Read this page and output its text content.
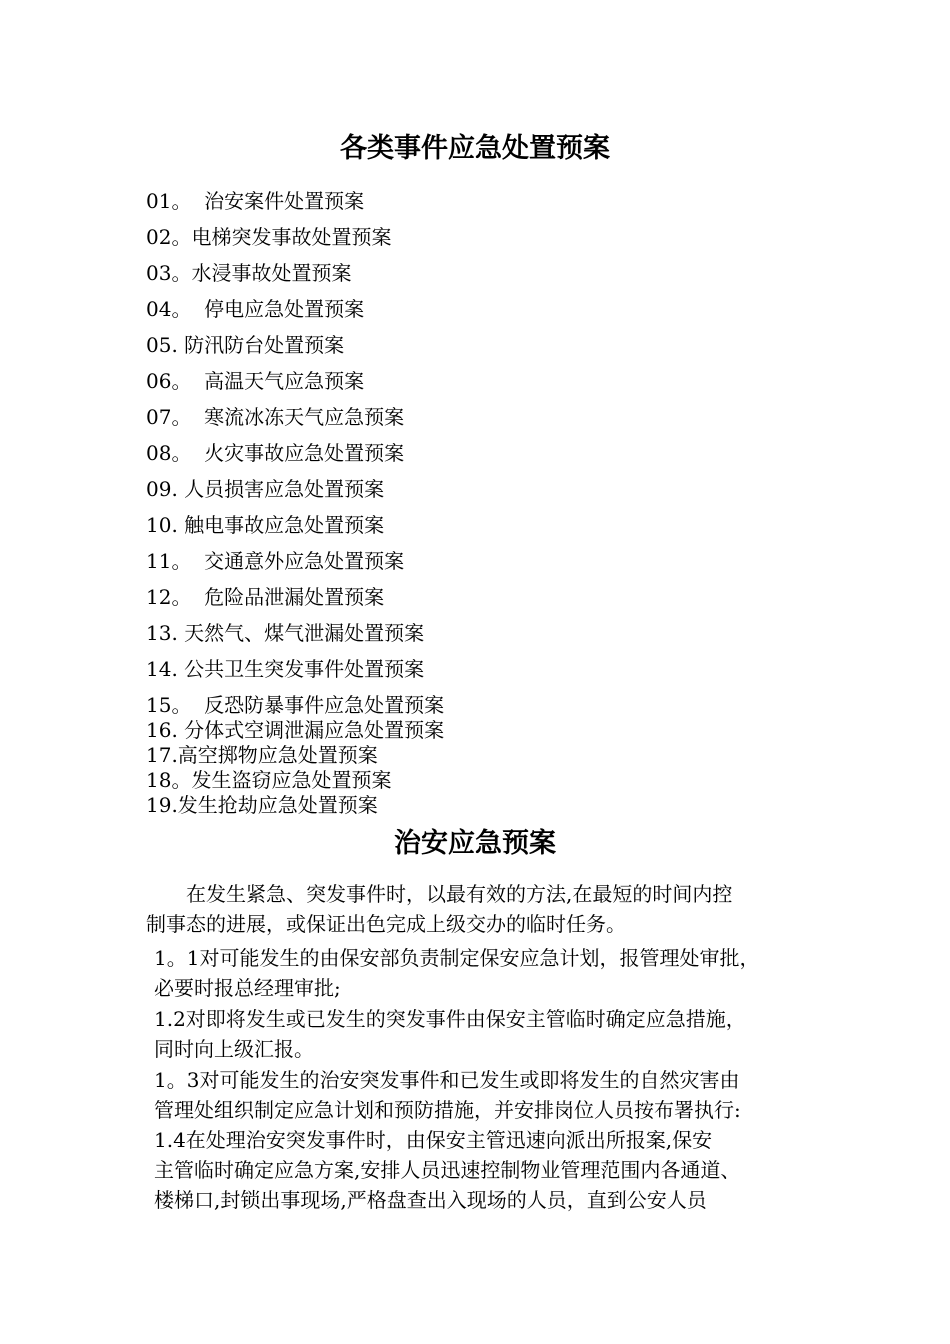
各类事件应急处置预案

01。  治安案件处置预案

02。电梯突发事故处置预案

03。水浸事故处置预案

04。  停电应急处置预案

05. 防汛防台处置预案

06。  高温天气应急预案

07。  寒流冰冻天气应急预案

08。  火灾事故应急处置预案

09. 人员损害应急处置预案

10. 触电事故应急处置预案

11。  交通意外应急处置预案

12。  危险品泄漏处置预案

13. 天然气、煤气泄漏处置预案

14. 公共卫生突发事件处置预案

15。  反恐防暴事件应急处置预案

16. 分体式空调泄漏应急处置预案

17.高空掷物应急处置预案

18。发生盗窃应急处置预案

19.发生抢劫应急处置预案

治安应急预案

在发生紧急、突发事件时，以最有效的方法,在最短的时间内控

制事态的进展，或保证出色完成上级交办的临时任务。

1。1对可能发生的由保安部负责制定保安应急计划，报管理处审批，

必要时报总经理审批;

1.2对即将发生或已发生的突发事件由保安主管临时确定应急措施，

同时向上级汇报。

1。3对可能发生的治安突发事件和已发生或即将发生的自然灾害由

管理处组织制定应急计划和预防措施，并安排岗位人员按布署执行:

1.4在处理治安突发事件时，由保安主管迅速向派出所报案,保安

主管临时确定应急方案,安排人员迅速控制物业管理范围内各通道、

楼梯口,封锁出事现场,严格盘查出入现场的人员，直到公安人员
